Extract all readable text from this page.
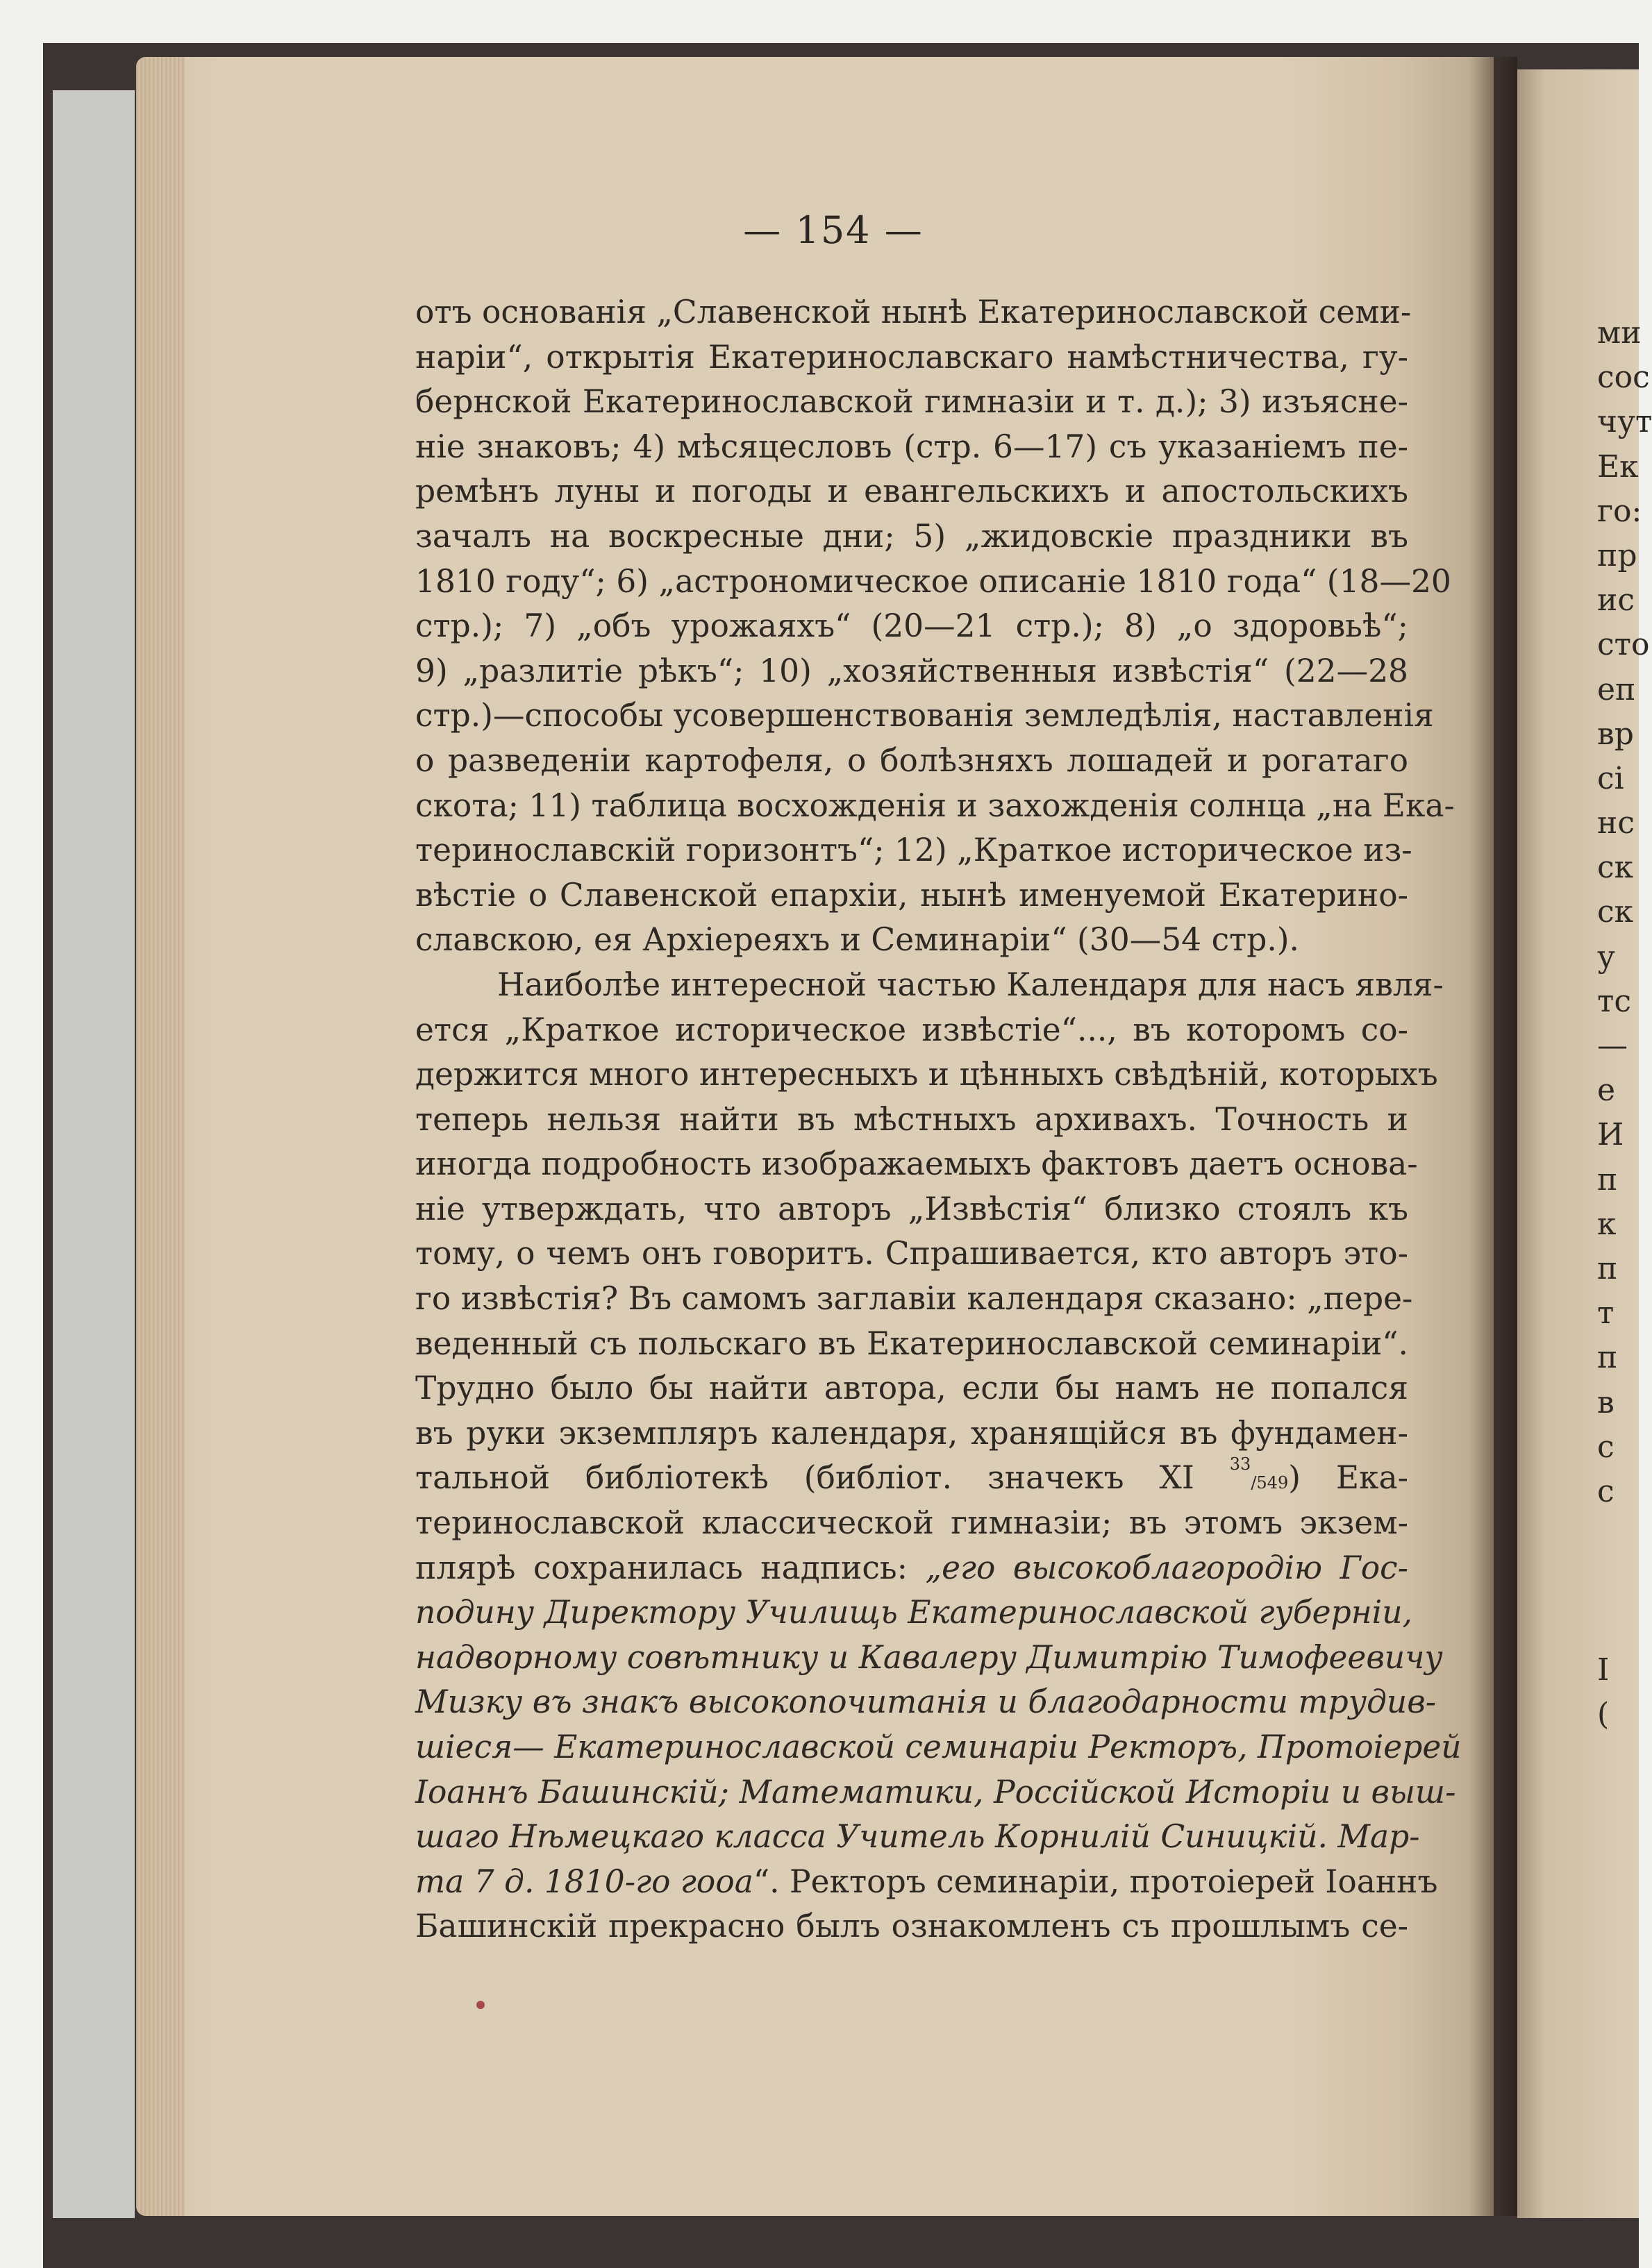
— 154 —
отъ основанія „Славенской нынѣ Екатеринославской семи-
наріи“, открытія Екатеринославскаго намѣстничества, гу-
бернской Екатеринославской гимназіи и т. д.); 3) изъясне-
ніе знаковъ; 4) мѣсяцесловъ (стр. 6—17) съ указаніемъ пе-
ремѣнъ луны и погоды и евангельскихъ и апостольскихъ
зачалъ на воскресные дни; 5) „жидовскіе праздники въ
1810 году“; 6) „астрономическое описаніе 1810 года“ (18—20
стр.); 7) „объ урожаяхъ“ (20—21 стр.); 8) „о здоровьѣ“;
9) „разлитіе рѣкъ“; 10) „хозяйственныя извѣстія“ (22—28
стр.)—способы усовершенствованія земледѣлія, наставленія
о разведеніи картофеля, о болѣзняхъ лошадей и рогатаго
скота; 11) таблица восхожденія и захожденія солнца „на Ека-
теринославскій горизонтъ“; 12) „Краткое историческое из-
вѣстіе о Славенской епархіи, нынѣ именуемой Екатерино-
славскою, ея Архіереяхъ и Семинаріи“ (30—54 стр.).
Наиболѣе интересной частью Календаря для насъ явля-
ется „Краткое историческое извѣстіе“..., въ которомъ со-
держится много интересныхъ и цѣнныхъ свѣдѣній, которыхъ
теперь нельзя найти въ мѣстныхъ архивахъ. Точность и
иногда подробность изображаемыхъ фактовъ даетъ основа-
ніе утверждать, что авторъ „Извѣстія“ близко стоялъ къ
тому, о чемъ онъ говоритъ. Спрашивается, кто авторъ это-
го извѣстія? Въ самомъ заглавіи календаря сказано: „пере-
веденный съ польскаго въ Екатеринославской семинаріи“.
Трудно было бы найти автора, если бы намъ не попался
въ руки экземпляръ календаря, хранящійся въ фундамен-
тальной библіотекѣ (библіот. значекъ XI $^{33}$/549) Ека-
теринославской классической гимназіи; въ этомъ экзем-
плярѣ сохранилась надпись: „его высокоблагородію Гос-
подину Директору Училищь Екатеринославской губерніи,
надворному совѣтнику и Кавалеру Димитрію Тимофеевичу
Мизку въ знакъ высокопочитанія и благодарности трудив-
шіеся— Екатеринославской семинаріи Ректоръ, Протоіерей
Іоаннъ Башинскій; Математики, Россійской Исторіи и выш-
шаго Нѣмецкаго класса Учитель Корнилій Синицкій. Мар-
та 7 д. 1810-го гооа“. Ректоръ семинаріи, протоіерей Іоаннъ
Башинскій прекрасно былъ ознакомленъ съ прошлымъ се-
ми
сос
чут
Ек
го:
пр
ис
сто
еп
вр
сі
нс
ск
ск
у
тс
—
е
И
п
к
п
т
п
в
с
с
І
(
